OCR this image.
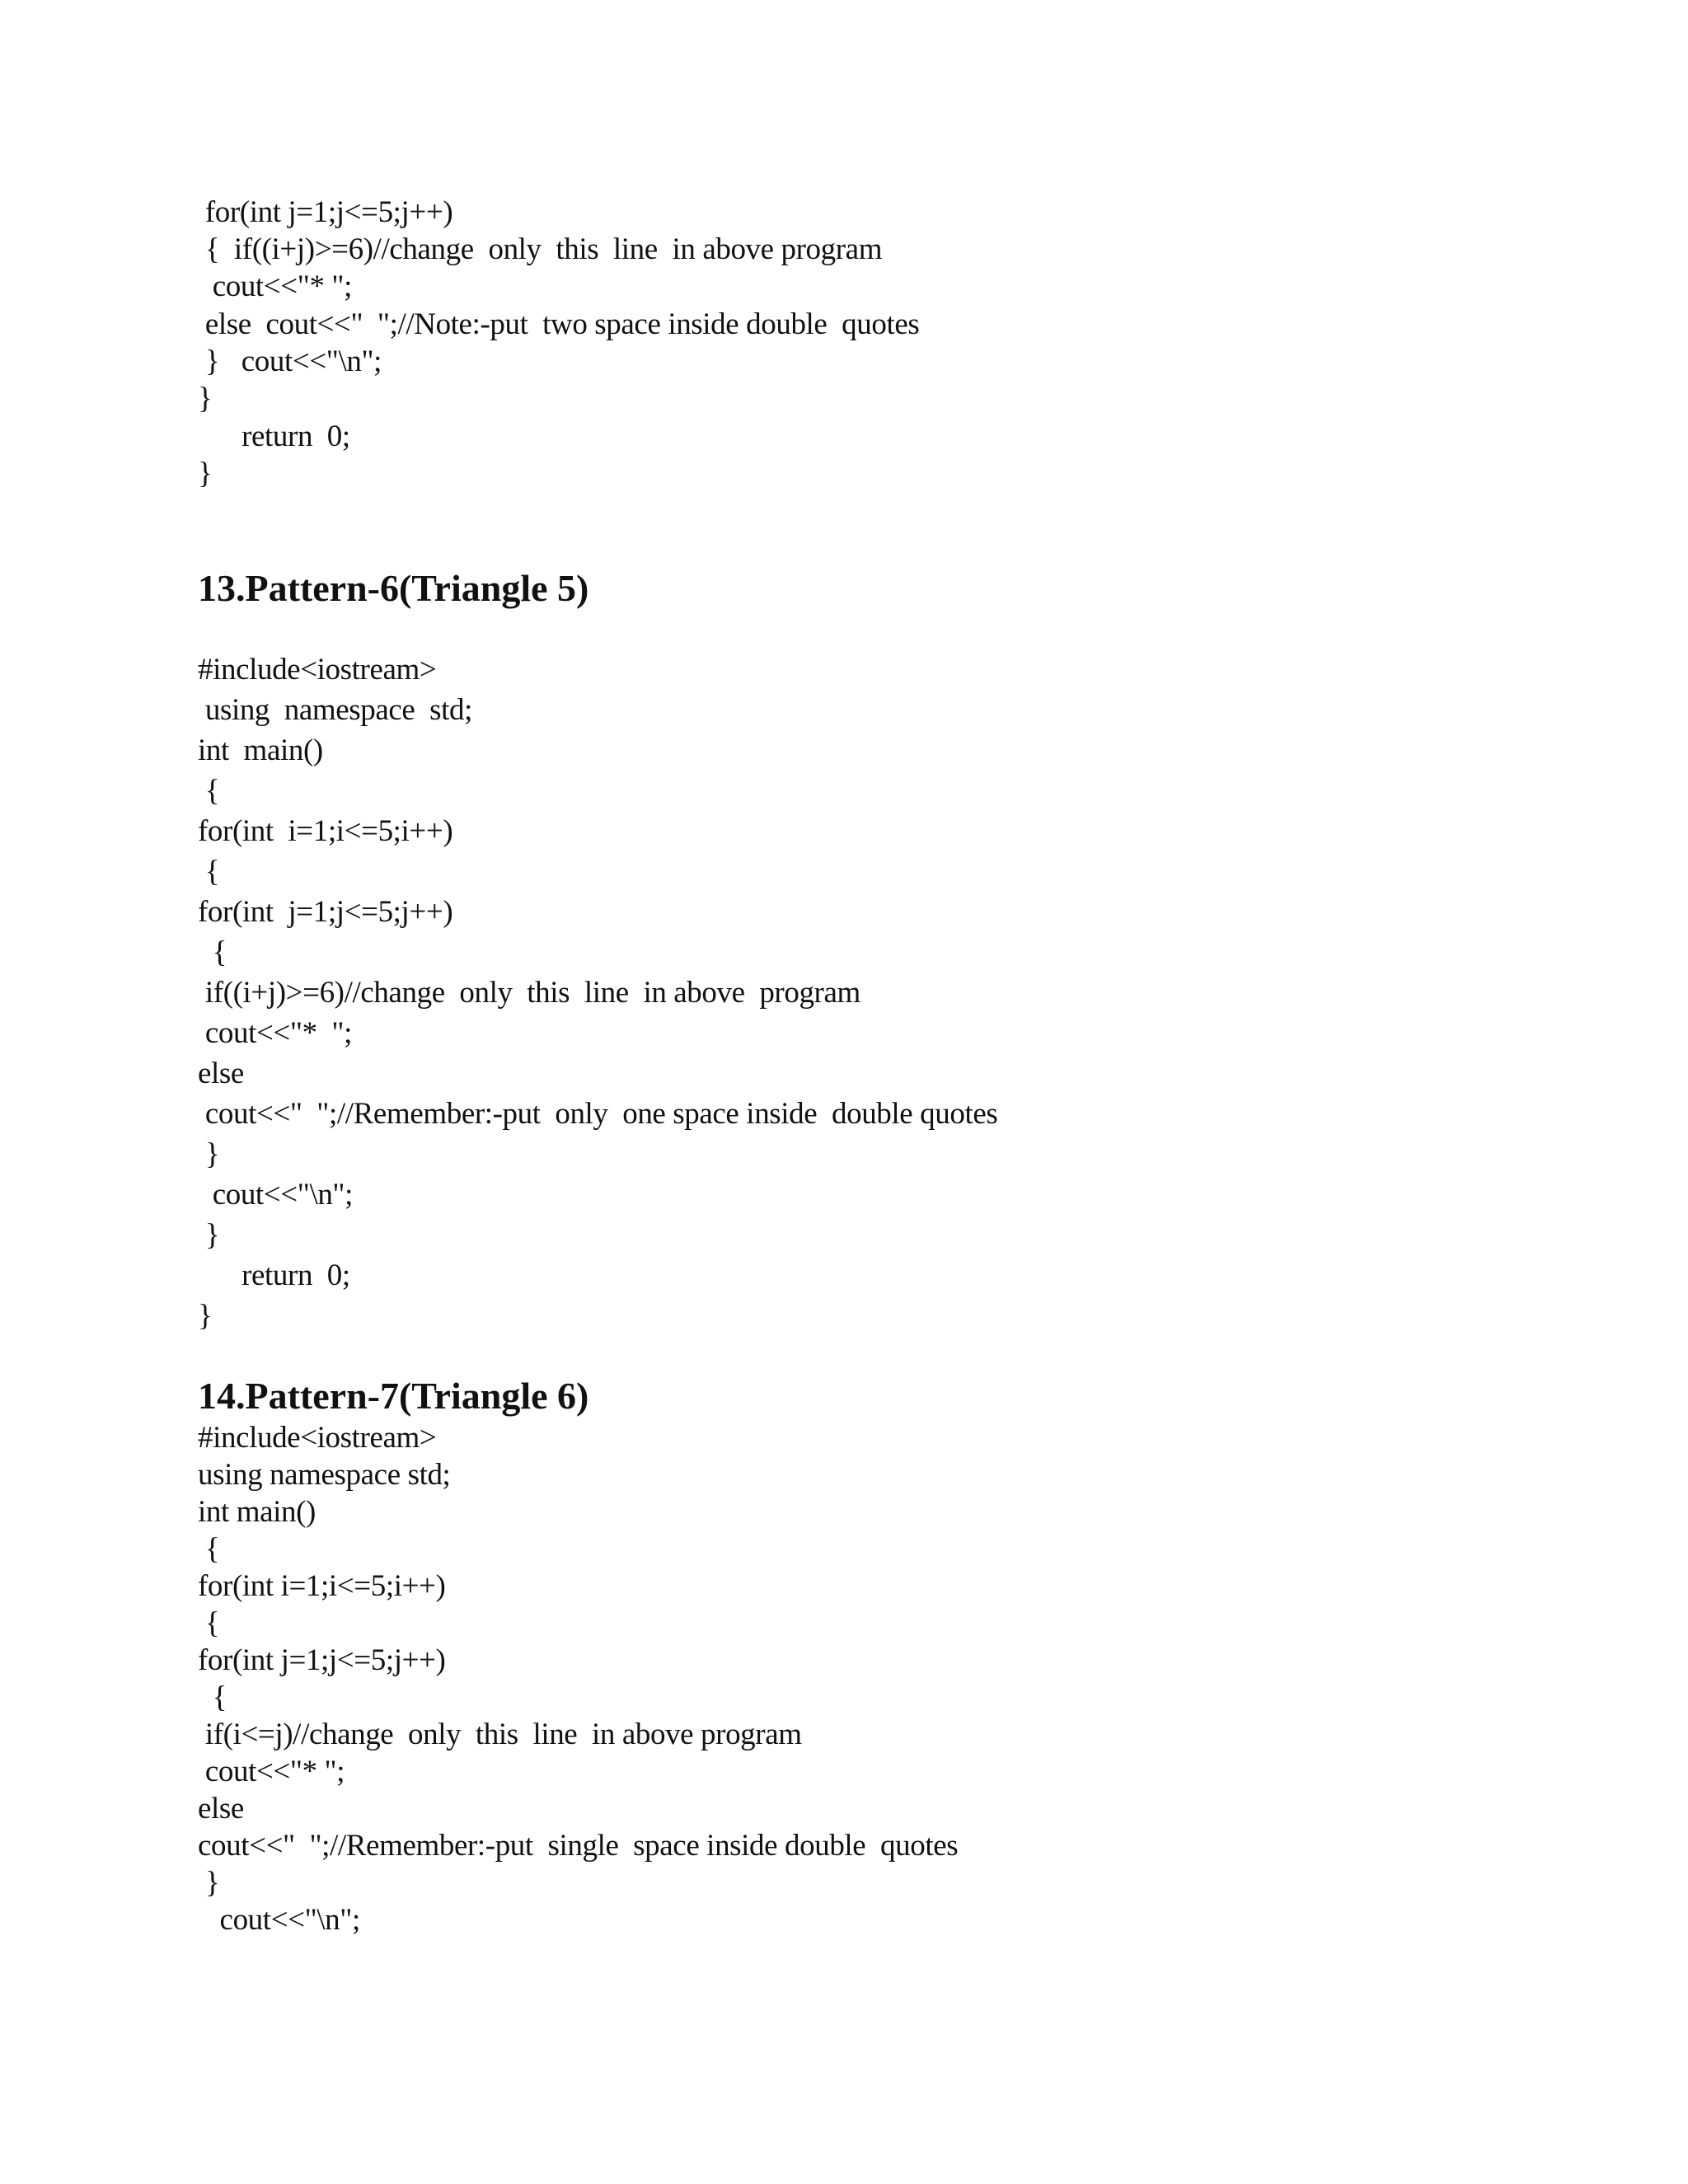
for(int j=1;j<=5;j++)
{  if((i+j)>=6)//change  only  this  line  in above program
cout<<"* ";
else  cout<<"  ";//Note:-put  two space inside double  quotes
}   cout<<"\n";
}
return  0;
}
13.Pattern-6(Triangle 5)
#include<iostream>
using  namespace  std;
int  main()
{
for(int  i=1;i<=5;i++)
{
for(int  j=1;j<=5;j++)
{
if((i+j)>=6)//change  only  this  line  in above  program
cout<<"*  ";
else
cout<<"  ";//Remember:-put  only  one space inside  double quotes
}
cout<<"\n";
}
return  0;
}
14.Pattern-7(Triangle 6)
#include<iostream>
using namespace std;
int main()
{
for(int i=1;i<=5;i++)
{
for(int j=1;j<=5;j++)
{
if(i<=j)//change  only  this  line  in above program
cout<<"* ";
else
cout<<"  ";//Remember:-put  single  space inside double  quotes
}
cout<<"\n";
